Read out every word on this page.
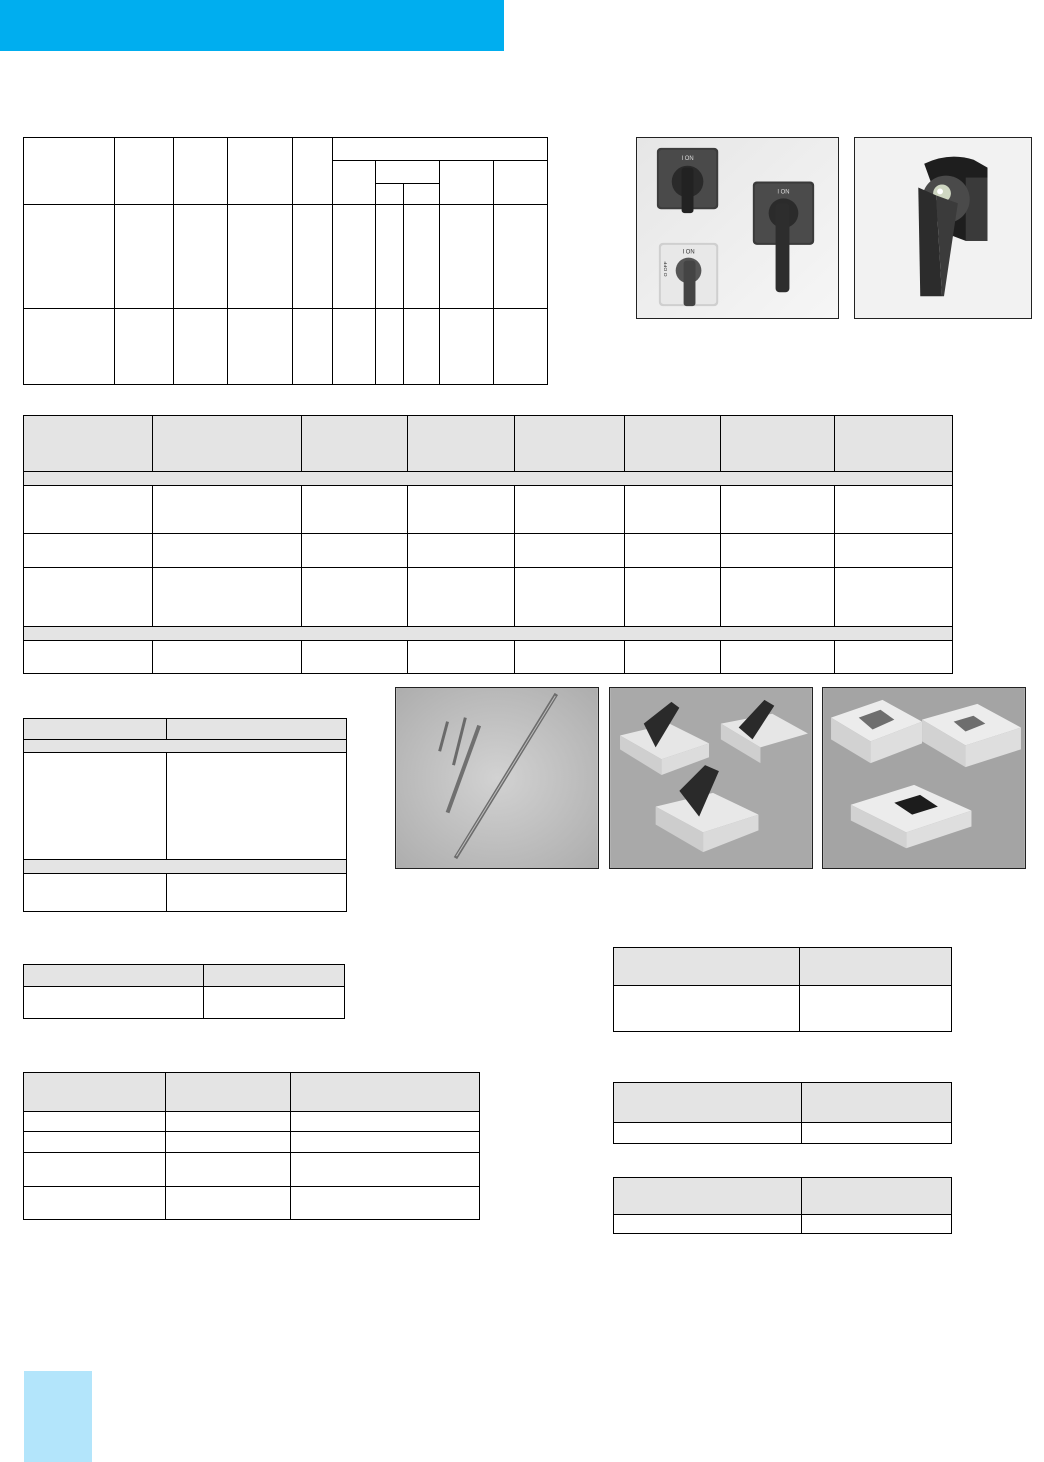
I ON
I ON
I ON
O OFF
